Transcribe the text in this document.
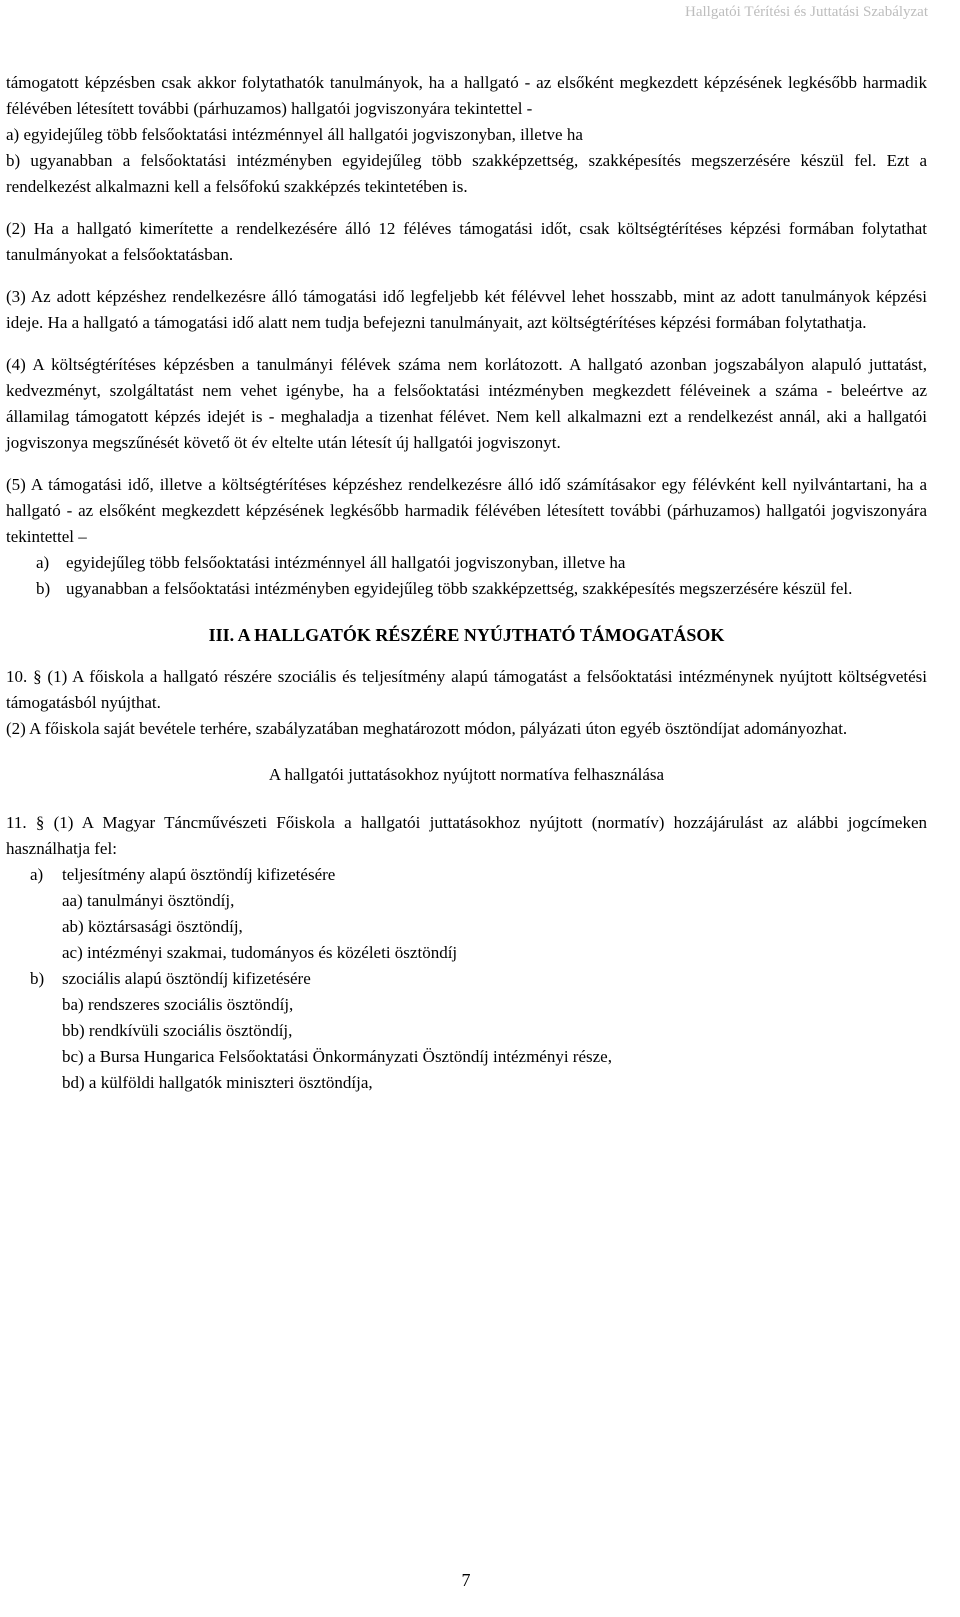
Hallgatói Térítési és Juttatási Szabályzat

támogatott képzésben csak akkor folytathatók tanulmányok, ha a hallgató - az elsőként megkezdett képzésének legkésőbb harmadik félévében létesített további (párhuzamos) hallgatói jogviszonyára tekintettel -

a) egyidejűleg több felsőoktatási intézménnyel áll hallgatói jogviszonyban, illetve ha

b) ugyanabban a felsőoktatási intézményben egyidejűleg több szakképzettség, szakképesítés megszerzésére készül fel. Ezt a rendelkezést alkalmazni kell a felsőfokú szakképzés tekintetében is.

(2) Ha a hallgató kimerítette a rendelkezésére álló 12 féléves támogatási időt, csak költségtérítéses képzési formában folytathat tanulmányokat a felsőoktatásban.

(3) Az adott képzéshez rendelkezésre álló támogatási idő legfeljebb két félévvel lehet hosszabb, mint az adott tanulmányok képzési ideje. Ha a hallgató a támogatási idő alatt nem tudja befejezni tanulmányait, azt költségtérítéses képzési formában folytathatja.

(4) A költségtérítéses képzésben a tanulmányi félévek száma nem korlátozott. A hallgató azonban jogszabályon alapuló juttatást, kedvezményt, szolgáltatást nem vehet igénybe, ha a felsőoktatási intézményben megkezdett féléveinek a száma - beleértve az államilag támogatott képzés idejét is - meghaladja a tizenhat félévet. Nem kell alkalmazni ezt a rendelkezést annál, aki a hallgatói jogviszonya megszűnését követő öt év eltelte után létesít új hallgatói jogviszonyt.

(5) A támogatási idő, illetve a költségtérítéses képzéshez rendelkezésre álló idő számításakor egy félévként kell nyilvántartani, ha a hallgató - az elsőként megkezdett képzésének legkésőbb harmadik félévében létesített további (párhuzamos) hallgatói jogviszonyára tekintettel –

a) egyidejűleg több felsőoktatási intézménnyel áll hallgatói jogviszonyban, illetve ha
b) ugyanabban a felsőoktatási intézményben egyidejűleg több szakképzettség, szakképesítés megszerzésére készül fel.
III. A HALLGATÓK RÉSZÉRE NYÚJTHATÓ TÁMOGATÁSOK

10. § (1) A főiskola a hallgató részére szociális és teljesítmény alapú támogatást a felsőoktatási intézménynek nyújtott költségvetési támogatásból nyújthat.

(2) A főiskola saját bevétele terhére, szabályzatában meghatározott módon, pályázati úton egyéb ösztöndíjat adományozhat.

A hallgatói juttatásokhoz nyújtott normatíva felhasználása

11. § (1) A Magyar Táncművészeti Főiskola a hallgatói juttatásokhoz nyújtott (normatív) hozzájárulást az alábbi jogcímeken használhatja fel:

a)	teljesítmény alapú ösztöndíj kifizetésére

aa) tanulmányi ösztöndíj,

ab) köztársasági ösztöndíj,

ac) intézményi szakmai, tudományos és közéleti ösztöndíj

b)	szociális alapú ösztöndíj kifizetésére

ba) rendszeres szociális ösztöndíj,

bb) rendkívüli szociális ösztöndíj,

bc) a Bursa Hungarica Felsőoktatási Önkormányzati Ösztöndíj intézményi része,

bd) a külföldi hallgatók miniszteri ösztöndíja,

7
